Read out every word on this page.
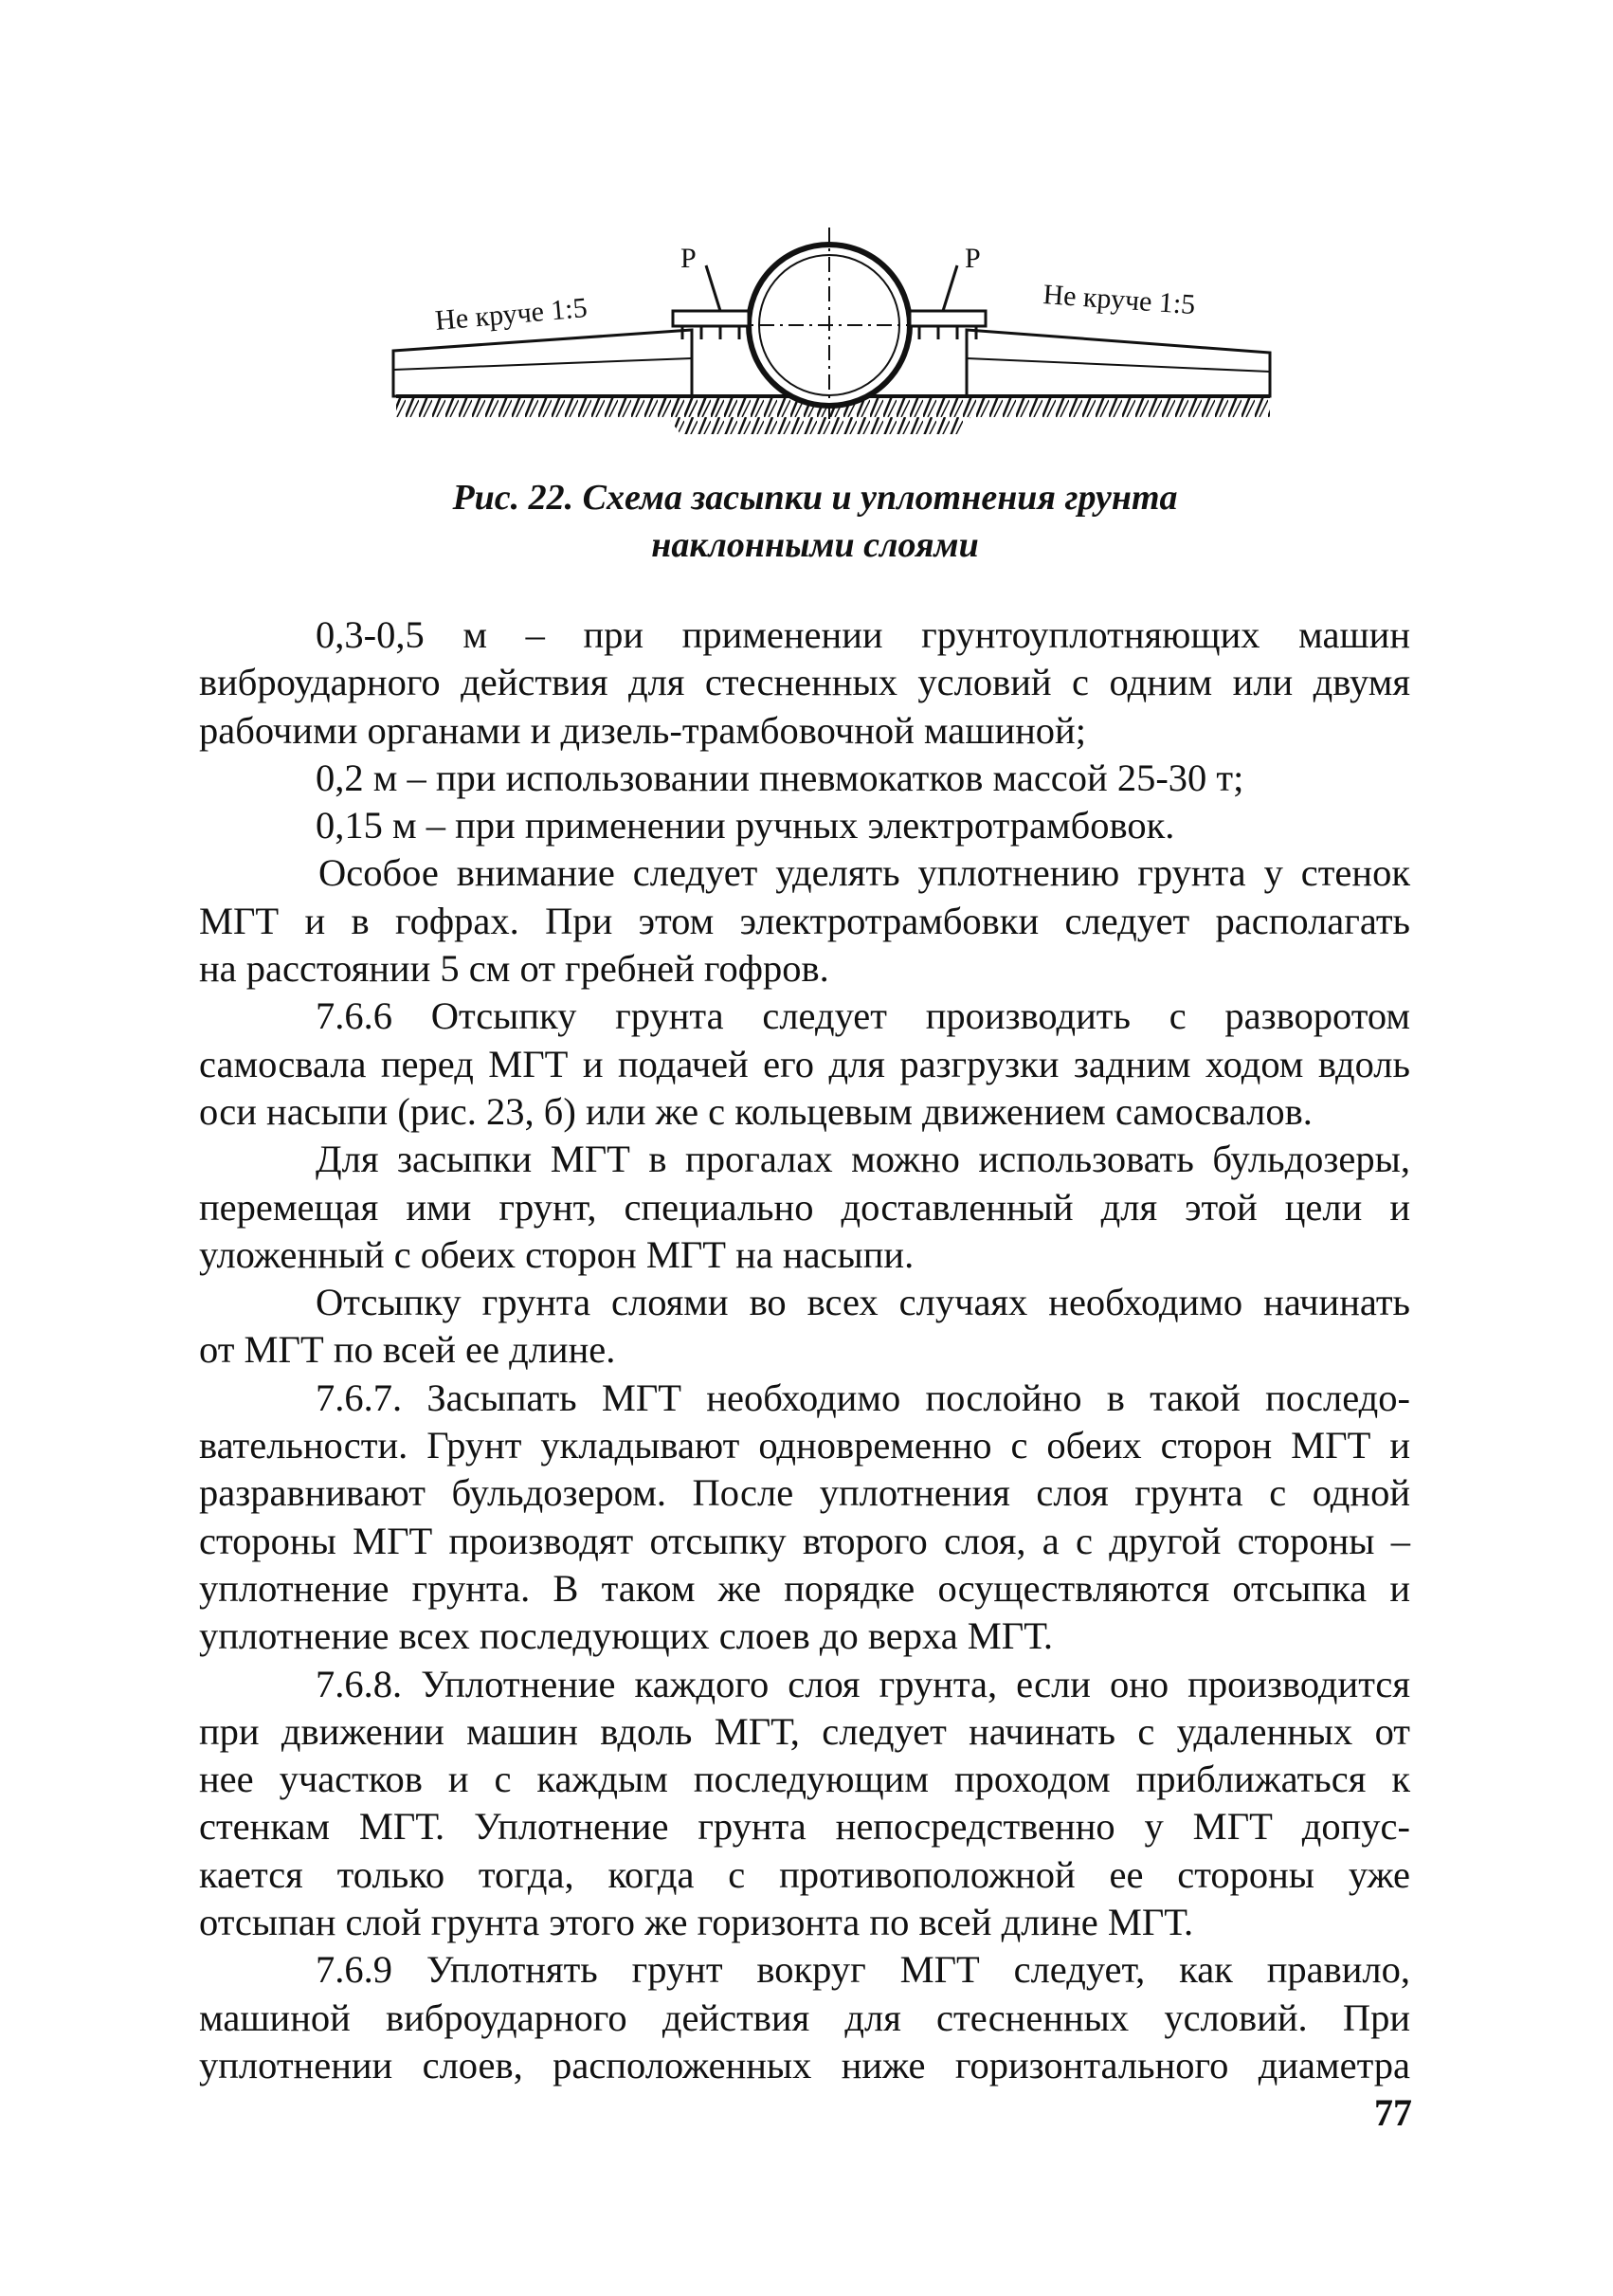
P	P
Не круче 1:5	Не круче 1:5
Рис. 22. Схема засыпки и уплотнения грунта
наклонными слоями
0,3-0,5 м – при применении грунтоуплотняющих машин
виброударного действия для стесненных условий с одним или двумя
рабочими органами и дизель-трамбовочной машиной;
0,2 м – при использовании пневмокатков массой 25-30 т;
0,15 м – при применении ручных электротрамбовок.
Особое внимание следует уделять уплотнению грунта у стенок
МГТ и в гофрах. При этом электротрамбовки следует располагать
на расстоянии 5 см от гребней гофров.
7.6.6 Отсыпку грунта следует производить с разворотом
самосвала перед МГТ и подачей его для разгрузки задним ходом вдоль
оси насыпи (рис. 23, б) или же с кольцевым движением самосвалов.
Для засыпки МГТ в прогалах можно использовать бульдозеры,
перемещая ими грунт, специально доставленный для этой цели и
уложенный с обеих сторон МГТ на насыпи.
Отсыпку грунта слоями во всех случаях необходимо начинать
от МГТ по всей ее длине.
7.6.7. Засыпать МГТ необходимо послойно в такой последо-
вательности. Грунт укладывают одновременно с обеих сторон МГТ и
разравнивают бульдозером. После уплотнения слоя грунта с одной
стороны МГТ производят отсыпку второго слоя, а с другой стороны –
уплотнение грунта. В таком же порядке осуществляются отсыпка и
уплотнение всех последующих слоев до верха МГТ.
7.6.8. Уплотнение каждого слоя грунта, если оно производится
при движении машин вдоль МГТ, следует начинать с удаленных от
нее участков и с каждым последующим проходом приближаться к
стенкам МГТ. Уплотнение грунта непосредственно у МГТ допус-
кается только тогда, когда с противоположной ее стороны уже
отсыпан слой грунта этого же горизонта по всей длине МГТ.
7.6.9 Уплотнять грунт вокруг МГТ следует, как правило,
машиной виброударного действия для стесненных условий. При
уплотнении слоев, расположенных ниже горизонтального диаметра
77
